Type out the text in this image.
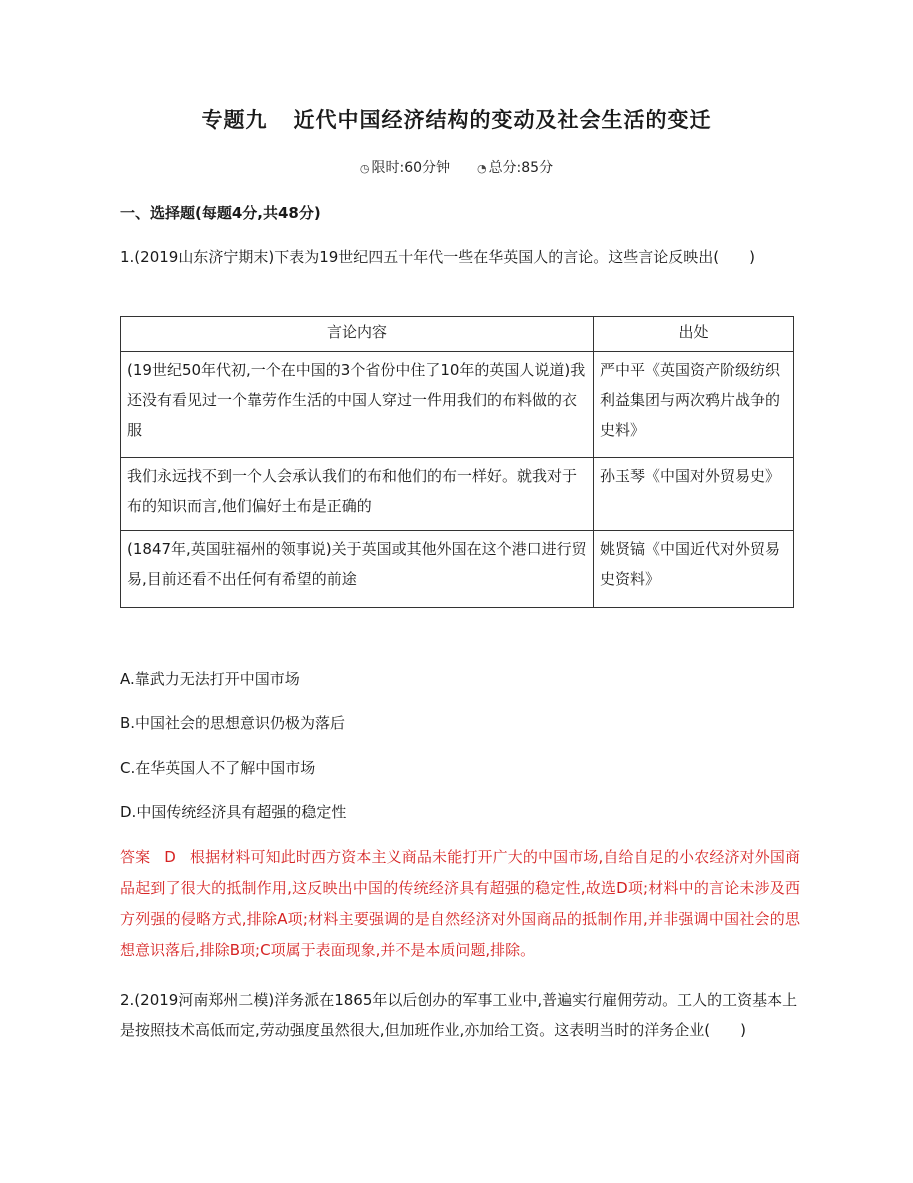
专题九 近代中国经济结构的变动及社会生活的变迁
◷ 限时:60分钟 ◔ 总分:85分
一、选择题(每题4分,共48分)
1.(2019山东济宁期末)下表为19世纪四五十年代一些在华英国人的言论。这些言论反映出(　　)
言论内容	出处
(19世纪50年代初,一个在中国的3个省份中住了10年的英国人说道)我还没有看见过一个靠劳作生活的中国人穿过一件用我们的布料做的衣服	严中平《英国资产阶级纺织利益集团与两次鸦片战争的史料》
我们永远找不到一个人会承认我们的布和他们的布一样好。就我对于布的知识而言,他们偏好土布是正确的	孙玉琴《中国对外贸易史》
(1847年,英国驻福州的领事说)关于英国或其他外国在这个港口进行贸易,目前还看不出任何有希望的前途	姚贤镐《中国近代对外贸易史资料》
A.靠武力无法打开中国市场
B.中国社会的思想意识仍极为落后
C.在华英国人不了解中国市场
D.中国传统经济具有超强的稳定性
答案 D 根据材料可知此时西方资本主义商品未能打开广大的中国市场,自给自足的小农经济对外国商品起到了很大的抵制作用,这反映出中国的传统经济具有超强的稳定性,故选D项;材料中的言论未涉及西方列强的侵略方式,排除A项;材料主要强调的是自然经济对外国商品的抵制作用,并非强调中国社会的思想意识落后,排除B项;C项属于表面现象,并不是本质问题,排除。
2.(2019河南郑州二模)洋务派在1865年以后创办的军事工业中,普遍实行雇佣劳动。工人的工资基本上是按照技术高低而定,劳动强度虽然很大,但加班作业,亦加给工资。这表明当时的洋务企业(　　)
